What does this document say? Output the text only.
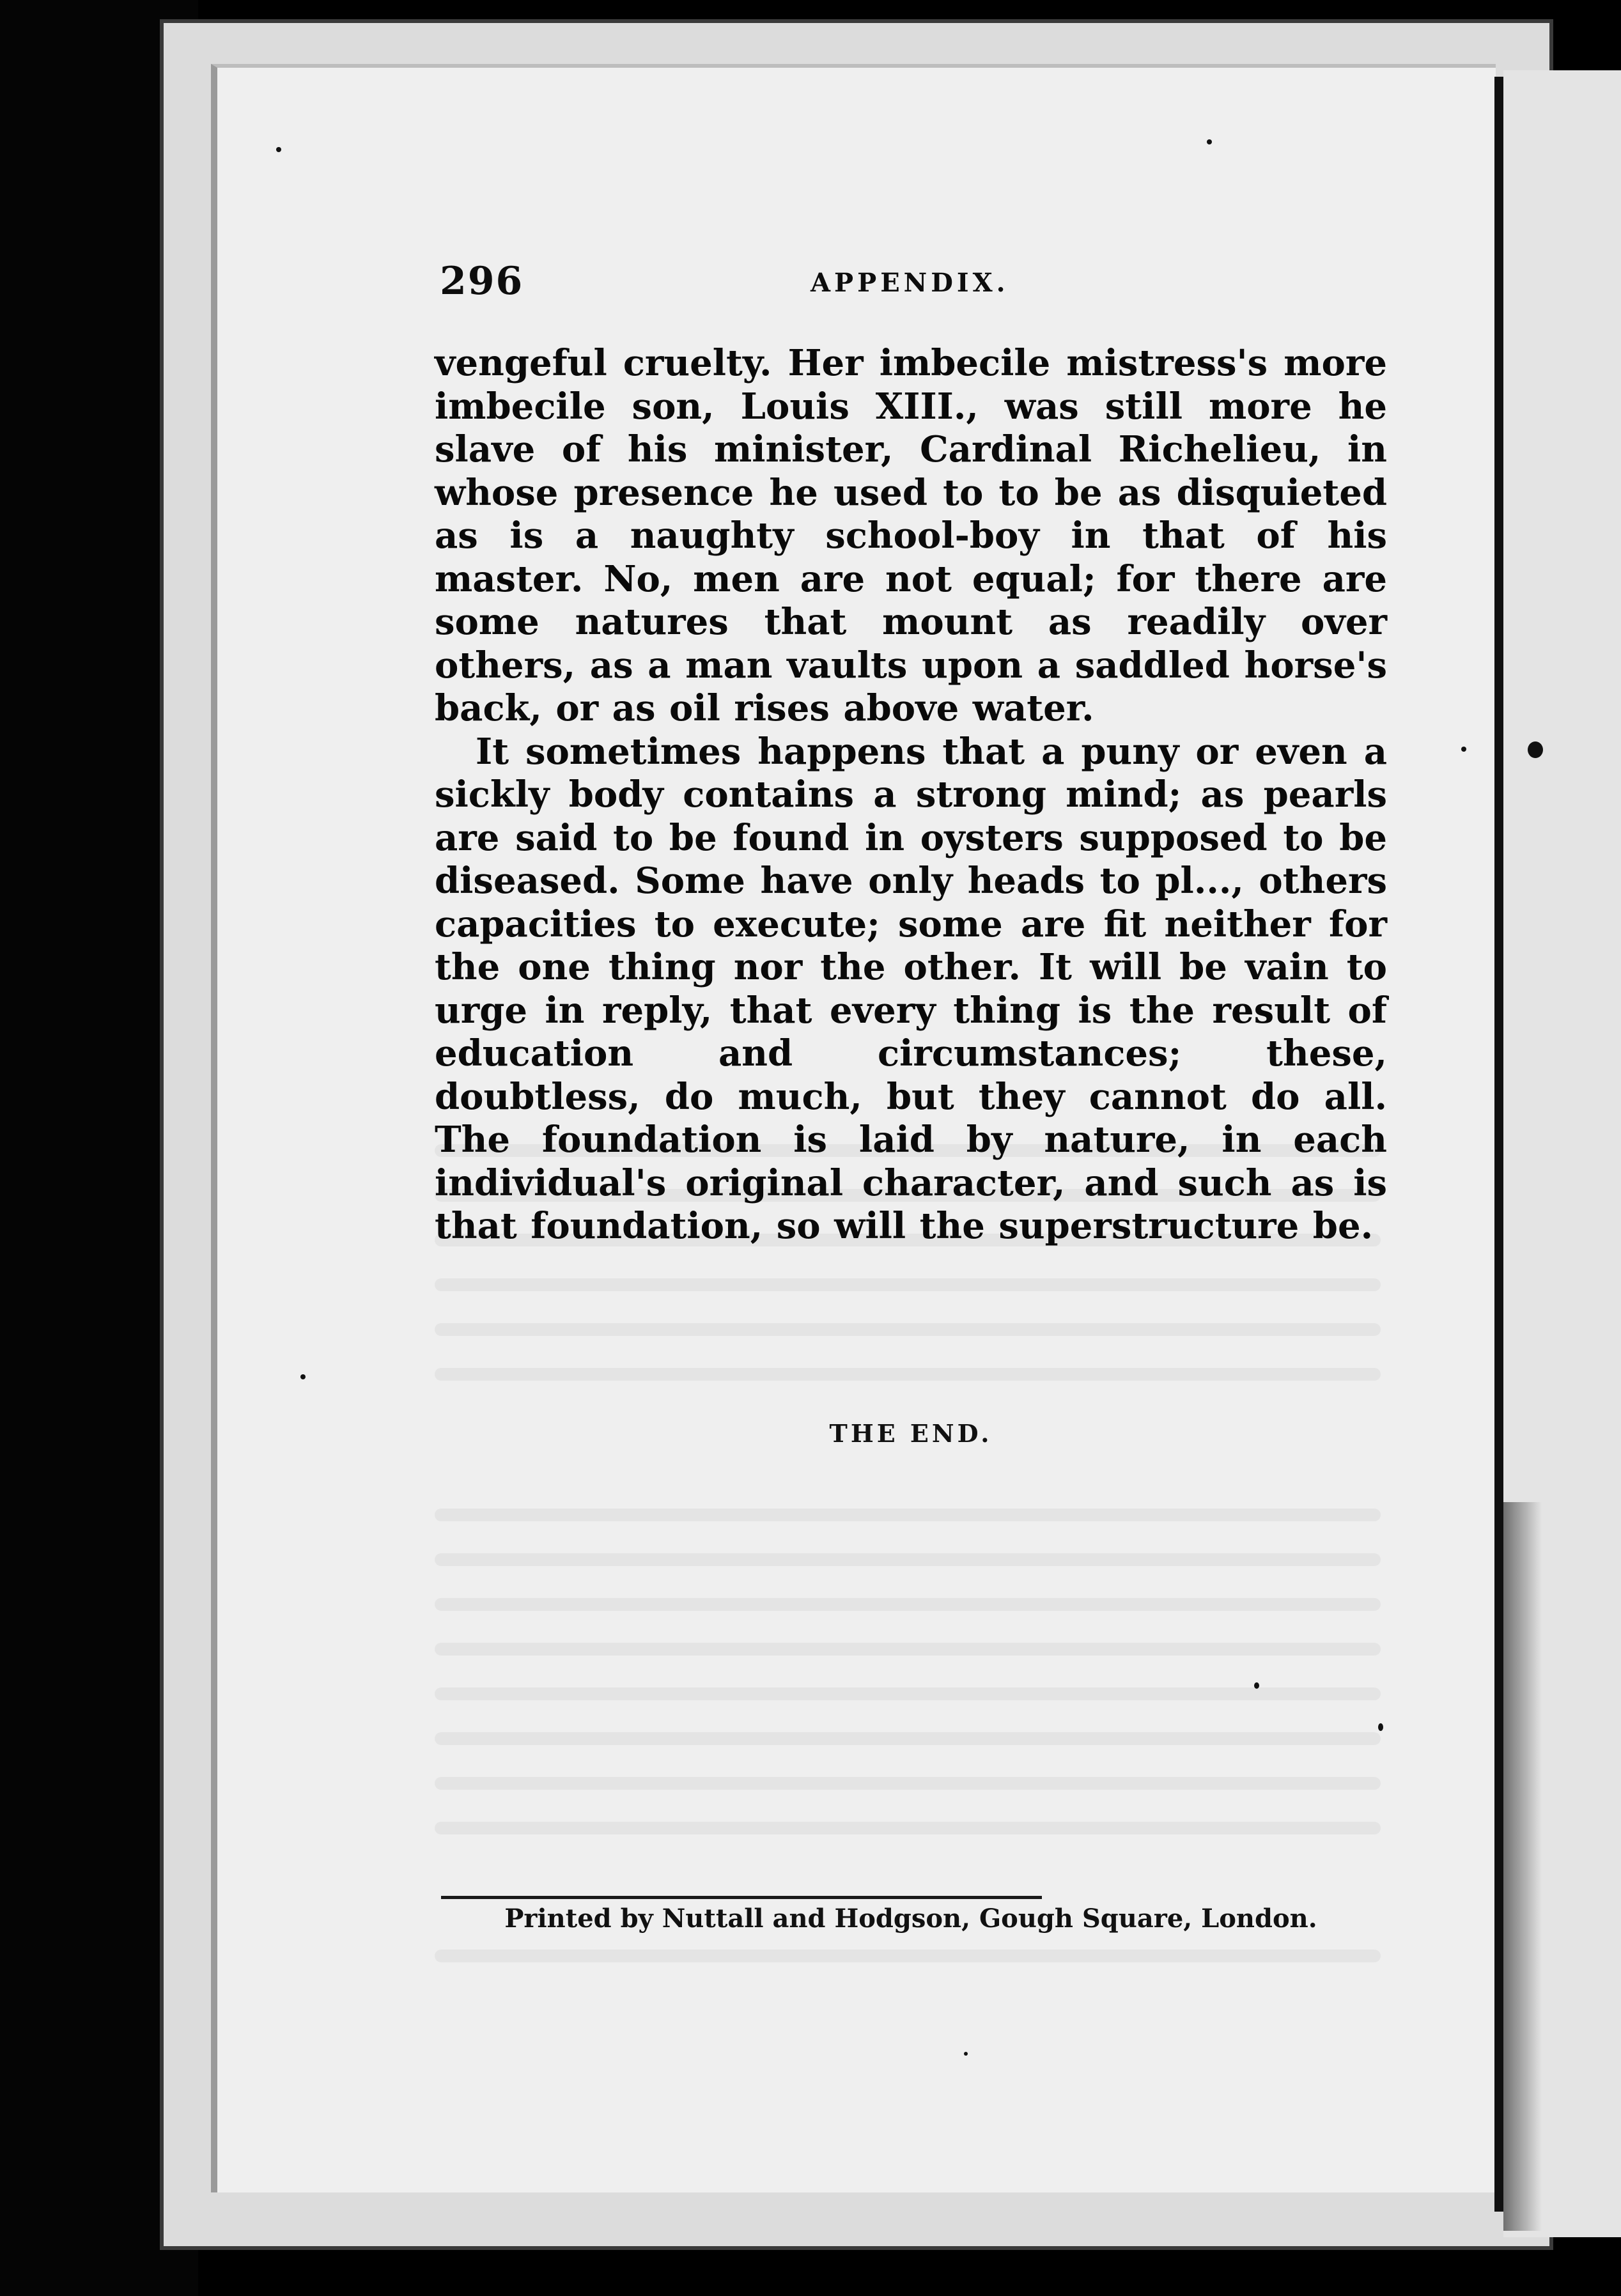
296	APPENDIX.

vengeful cruelty. Her imbecile mistress's more imbecile son, Louis XIII., was still more he slave of his minister, Cardinal Richelieu, in whose presence he used to to be as disquieted as is a naughty school-boy in that of his master. No, men are not equal; for there are some natures that mount as readily over others, as a man vaults upon a saddled horse's back, or as oil rises above water.

It sometimes happens that a puny or even a sickly body contains a strong mind; as pearls are said to be found in oysters supposed to be diseased. Some have only heads to pl..., others capacities to execute; some are fit neither for the one thing nor the other. It will be vain to urge in reply, that every thing is the result of education and circumstances; these, doubtless, do much, but they cannot do all. The foundation is laid by nature, in each individual's original character, and such as is that foundation, so will the superstructure be.

THE END.
Printed by Nuttall and Hodgson, Gough Square, London.
